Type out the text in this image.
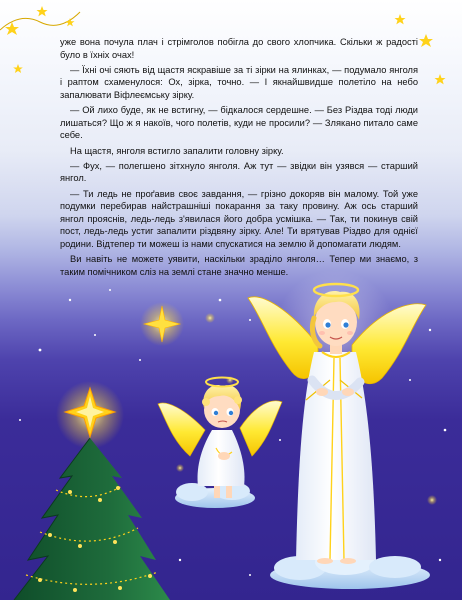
уже вона почула плач і стрімголов побігла до свого хлопчика. Скільки ж радості було в їхніх очах!

— Їхні очі сяють від щастя яскравіше за ті зірки на ялинках, — подумало янголя і раптом схаменулося: Ох, зірка, точно. — І якнайшвидше полетіло на небо запалювати Віфлеємську зірку.

— Ой лихо буде, як не встигну, — бідкалося сердешне. — Без Різдва тоді люди лишаться? Що ж я накоїв, чого полетів, куди не просили? — Злякано питало саме себе.

На щастя, янголя встигло запалити головну зірку.

— Фух, — полегшено зітхнуло янголя. Аж тут — звідки він узявся — старший янгол.

— Ти ледь не проґавив своє завдання, — грізно докоряв він малому. Той уже подумки перебирав найстрашніші покарання за таку провину. Аж ось старший янгол прояснів, ледь-ледь з'явилася його добра усмішка. — Так, ти покинув свій пост, ледь-ледь устиг запалити різдвяну зірку. Але! Ти врятував Різдво для однієї родини. Відтепер ти можеш із нами спускатися на землю й допомагати людям.

Ви навіть не можете уявити, наскільки зраділо янголя… Тепер ми знаємо, з таким помічником сліз на землі стане значно менше.
